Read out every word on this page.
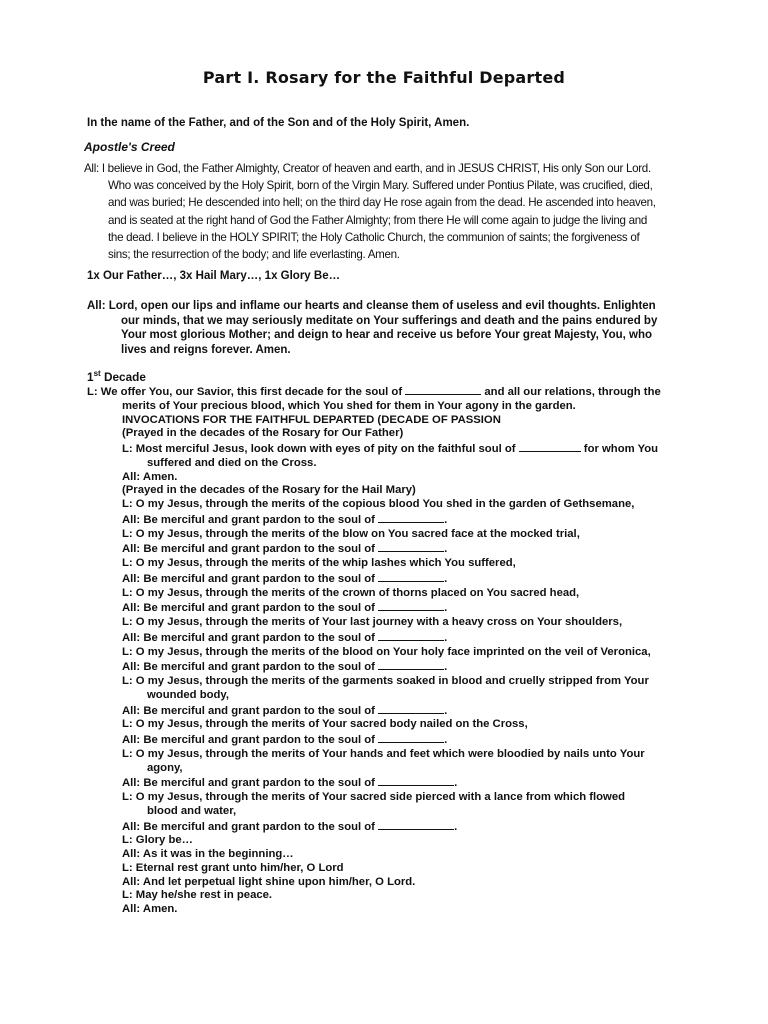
Part I. Rosary for the Faithful Departed
In the name of the Father, and of the Son and of the Holy Spirit, Amen.
Apostle's Creed
All: I believe in God, the Father Almighty, Creator of heaven and earth, and in JESUS CHRIST, His only Son our Lord.
Who was conceived by the Holy Spirit, born of the Virgin Mary. Suffered under Pontius Pilate, was crucified, died,
and was buried; He descended into hell; on the third day He rose again from the dead. He ascended into heaven,
and is seated at the right hand of God the Father Almighty; from there He will come again to judge the living and
the dead. I believe in the HOLY SPIRIT; the Holy Catholic Church, the communion of saints; the forgiveness of
sins; the resurrection of the body; and life everlasting. Amen.
1x Our Father…, 3x Hail Mary…, 1x Glory Be…
All: Lord, open our lips and inflame our hearts and cleanse them of useless and evil thoughts. Enlighten
our minds, that we may seriously meditate on Your sufferings and death and the pains endured by
Your most glorious Mother; and deign to hear and receive us before Your great Majesty, You, who
lives and reigns forever. Amen.
1st Decade
L: We offer You, our Savior, this first decade for the soul of	and all our relations, through the
merits of Your precious blood, which You shed for them in Your agony in the garden.
INVOCATIONS FOR THE FAITHFUL DEPARTED (DECADE OF PASSION
(Prayed in the decades of the Rosary for Our Father)
L: Most merciful Jesus, look down with eyes of pity on the faithful soul of	for whom You
suffered and died on the Cross.
All: Amen.
(Prayed in the decades of the Rosary for the Hail Mary)
L: O my Jesus, through the merits of the copious blood You shed in the garden of Gethsemane,
All: Be merciful and grant pardon to the soul of	.
L: O my Jesus, through the merits of the blow on You sacred face at the mocked trial,
All: Be merciful and grant pardon to the soul of	.
L: O my Jesus, through the merits of the whip lashes which You suffered,
All: Be merciful and grant pardon to the soul of	.
L: O my Jesus, through the merits of the crown of thorns placed on You sacred head,
All: Be merciful and grant pardon to the soul of	.
L: O my Jesus, through the merits of Your last journey with a heavy cross on Your shoulders,
All: Be merciful and grant pardon to the soul of	.
L: O my Jesus, through the merits of the blood on Your holy face imprinted on the veil of Veronica,
All: Be merciful and grant pardon to the soul of	.
L: O my Jesus, through the merits of the garments soaked in blood and cruelly stripped from Your
wounded body,
All: Be merciful and grant pardon to the soul of	.
L: O my Jesus, through the merits of Your sacred body nailed on the Cross,
All: Be merciful and grant pardon to the soul of	.
L: O my Jesus, through the merits of Your hands and feet which were bloodied by nails unto Your
agony,
All: Be merciful and grant pardon to the soul of	.
L: O my Jesus, through the merits of Your sacred side pierced with a lance from which flowed
blood and water,
All: Be merciful and grant pardon to the soul of	.
L: Glory be…
All: As it was in the beginning…
L: Eternal rest grant unto him/her, O Lord
All: And let perpetual light shine upon him/her, O Lord.
L: May he/she rest in peace.
All: Amen.
